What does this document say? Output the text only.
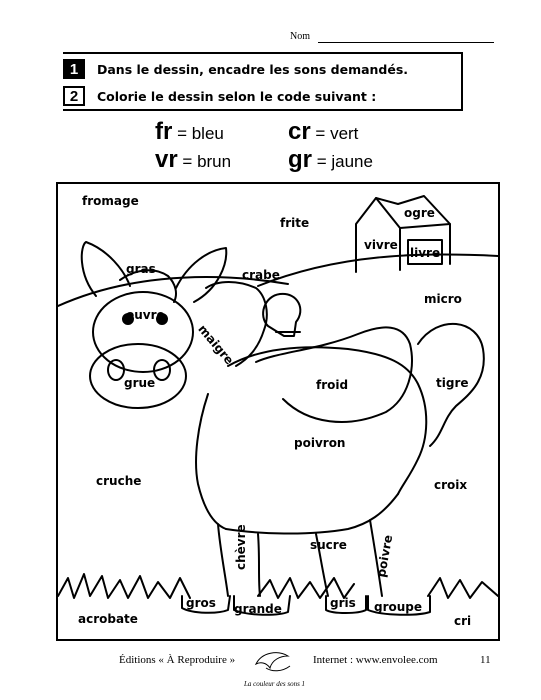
Nom
1	Dans le dessin, encadre les sons demandés.
2	Colorie le dessin selon le code suivant :
fr = bleu	cr = vert
vr = brun gr = jaune
fromage
frite
ogre
vivre
livre
gras	crabe
micro
ouvre
maigre
grue	froid	tigre
poivron
cruche	croix
chèvre	sucre poivre
gros grande	gris groupe
acrobate	cri
Éditions « À Reproduire »	Internet : www.envolee.com	11
La couleur des sons 1
